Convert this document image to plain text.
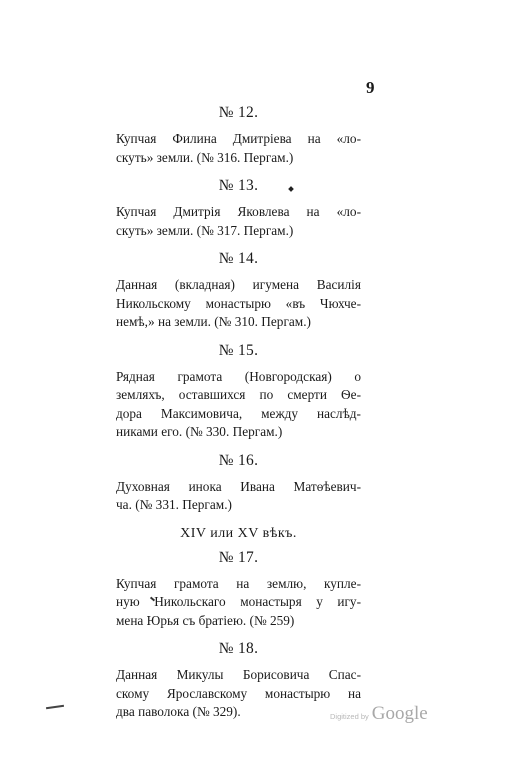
9
№ 12.

Купчая Филина Дмитріева на «ло-
скуть» земли. (№ 316. Пергам.)

№ 13.

Купчая Дмитрія Яковлева на «ло-
скуть» земли. (№ 317. Пергам.)

№ 14.

Данная (вкладная) игумена Василія
Никольскому монастырю «въ Чюхче-
немѣ,» на земли. (№ 310. Пергам.)

№ 15.

Рядная грамота (Новгородская) о
земляхъ, оставшихся по смерти Ѳе-
дора Максимовича, между наслѣд-
никами его. (№ 330. Пергам.)

№ 16.

Духовная инока Ивана Матѳѣевич-
ча. (№ 331. Пергам.)

XIV или XV вѣкъ.
№ 17.

Купчая грамота на землю, купле-
ную Никольскаго монастыря у игу-
мена Юрья съ братіею. (№ 259)

№ 18.

Данная Микулы Борисовича Спас-
скому Ярославскому монастырю на
два паволока (№ 329).	Digitized by Google
